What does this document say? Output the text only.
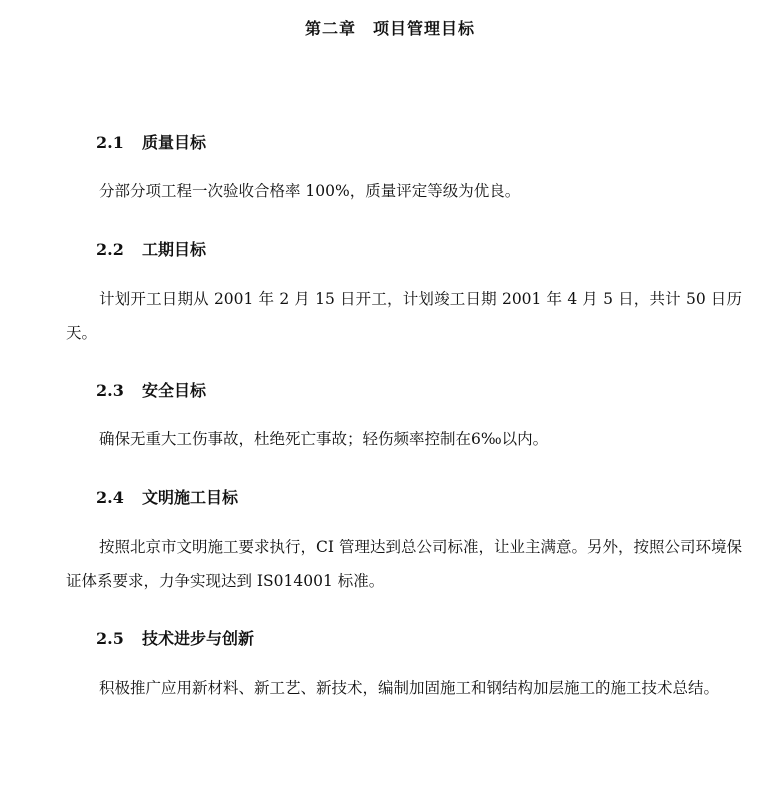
第二章　项目管理目标
2.1 质量目标
分部分项工程一次验收合格率 100%，质量评定等级为优良。
2.2 工期目标
计划开工日期从 2001 年 2 月 15 日开工，计划竣工日期 2001 年 4 月 5 日，共计 50 日历天。
2.3 安全目标
确保无重大工伤事故，杜绝死亡事故；轻伤频率控制在6‰以内。
2.4 文明施工目标
按照北京市文明施工要求执行，CI 管理达到总公司标准，让业主满意。另外，按照公司环境保证体系要求，力争实现达到 IS014001 标准。
2.5 技术进步与创新
积极推广应用新材料、新工艺、新技术，编制加固施工和钢结构加层施工的施工技术总结。
